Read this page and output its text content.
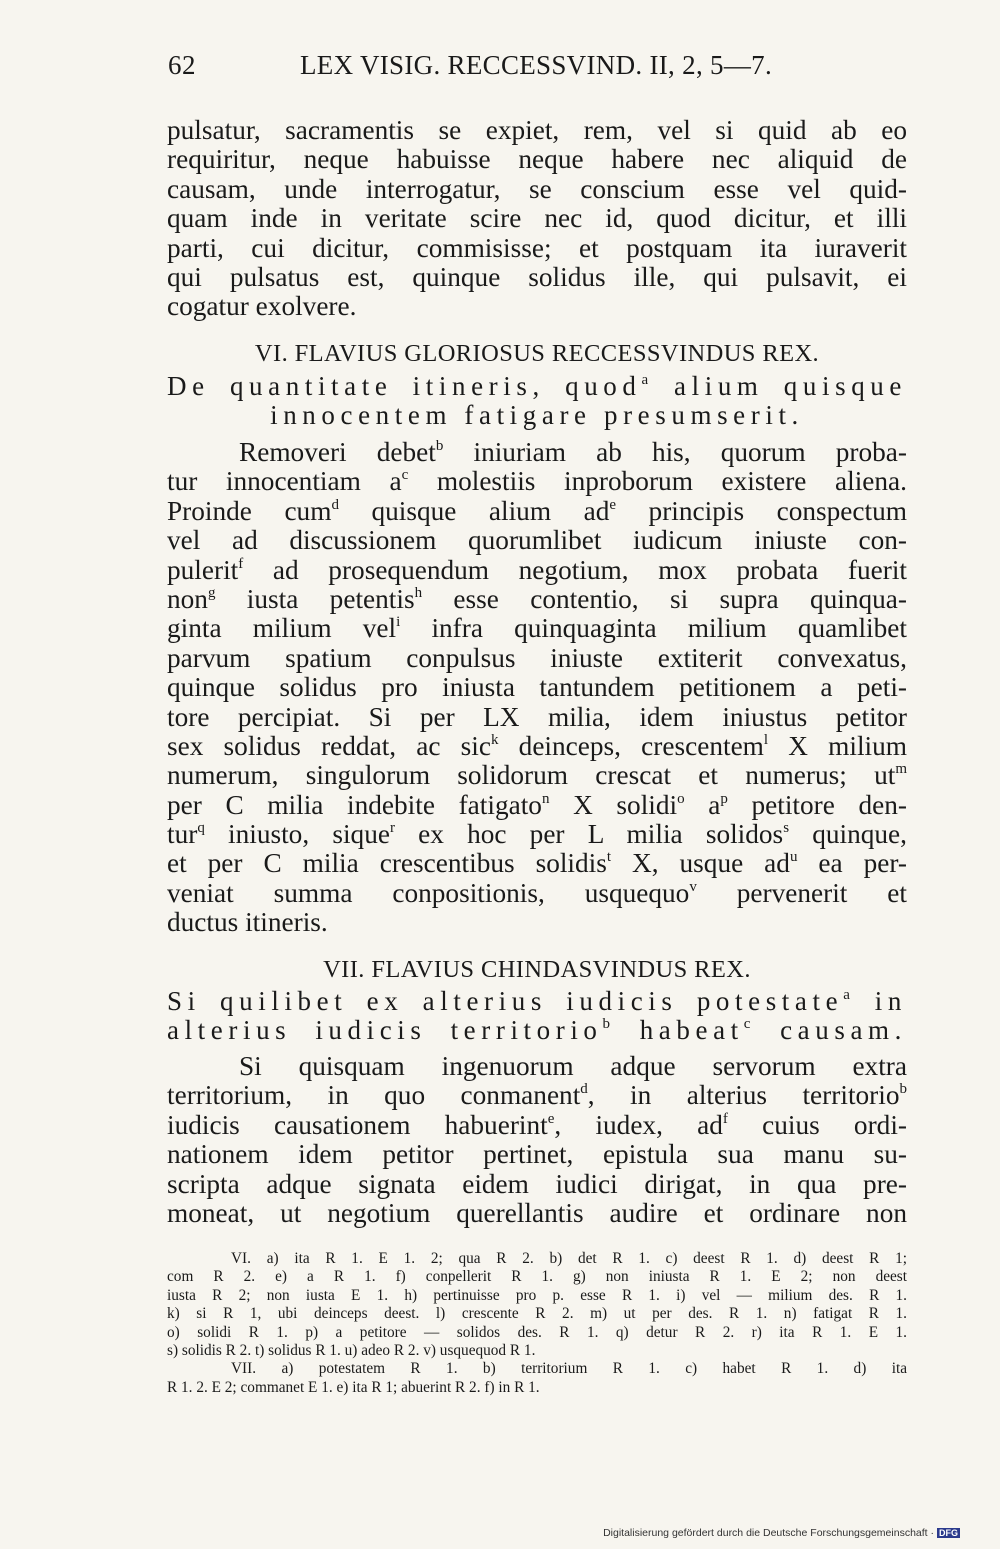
62	LEX VISIG. RECCESSVIND. II, 2, 5—7.
pulsatur, sacramentis se expiet, rem, vel si quid ab eo
requiritur, neque habuisse neque habere nec aliquid de
causam, unde interrogatur, se conscium esse vel quid-
quam inde in veritate scire nec id, quod dicitur, et illi
parti, cui dicitur, commisisse; et postquam ita iuraverit
qui pulsatus est, quinque solidus ille, qui pulsavit, ei
cogatur exolvere.
VI. FLAVIUS GLORIOSUS RECCESSVINDUS REX.
De quantitate itineris, quod$^a$ alium quisque
innocentem fatigare presumserit.
Removeri debet$^b$ iniuriam ab his, quorum proba-
tur innocentiam $a^c$ molestiis inproborum existere aliena.
Proinde cum$^d$ quisque alium $ad^e$ principis conspectum
vel ad discussionem quorumlibet iudicum iniuste con-
pulerit$^f$ ad prosequendum negotium, mox probata fuerit
non$^g$ iusta petentis$^h$ esse contentio, si supra quinqua-
ginta milium vel$^i$ infra quinquaginta milium quamlibet
parvum spatium conpulsus iniuste extiterit convexatus,
quinque solidus pro iniusta tantundem petitionem a peti-
tore percipiat. Si per LX milia, idem iniustus petitor
sex solidus reddat, ac sic$^k$ deinceps, crescentem$^l$ X milium
numerum, singulorum solidorum crescat et numerus; $ut^m$
per C milia indebite fatigato$^n$ X solidi$^o$ $a^p$ petitore den-
tur$^q$ iniusto, sique$^r$ ex hoc per L milia solidos$^s$ quinque,
et per C milia crescentibus solidis$^t$ X, usque $ad^u$ ea per-
veniat summa conpositionis, usquequo$^v$ pervenerit et
ductus itineris.
VII. FLAVIUS CHINDASVINDUS REX.
Si quilibet ex alterius iudicis potestate$^a$ in
alterius iudicis territorio$^b$ habeat$^c$ causam.
Si quisquam ingenuorum adque servorum extra
territorium, in quo conmanent$^d$, in alterius territorio$^b$
iudicis causationem habuerint$^e$, iudex, $ad^f$ cuius ordi-
nationem idem petitor pertinet, epistula sua manu su-
scripta adque signata eidem iudici dirigat, in qua pre-
moneat, ut negotium querellantis audire et ordinare non
VI. a) ita R 1. E 1. 2; qua R 2. b) det R 1. c) deest R 1. d) deest R 1;
com R 2. e) a R 1. f) conpellerit R 1. g) non iniusta R 1. E 2; non deest
iusta R 2; non iusta E 1. h) pertinuisse pro p. esse R 1. i) vel — milium des. R 1.
k) si R 1, ubi deinceps deest. l) crescente R 2. m) ut per des. R 1. n) fatigat R 1.
o) solidi R 1. p) a petitore — solidos des. R 1. q) detur R 2. r) ita R 1. E 1.
s) solidis R 2. t) solidus R 1. u) adeo R 2. v) usquequod R 1.
VII. a) potestatem R 1. b) territorium R 1. c) habet R 1. d) ita
R 1. 2. E 2; commanet E 1. e) ita R 1; abuerint R 2. f) in R 1.
Digitalisierung gefördert durch die Deutsche Forschungsgemeinschaft · DFG
